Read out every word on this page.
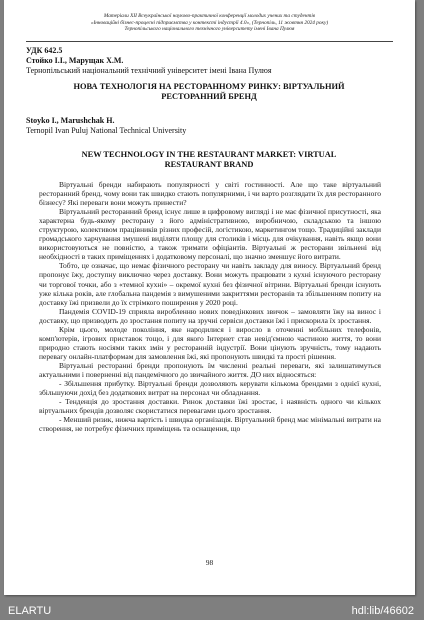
Матеріали XII Всеукраїнської науково-практичної конференції молодих учених та студентів
«Інноваційні бізнес-процесні підприємства у контексті індустрії 4.0», (Тернопіль, 11 жовтня 2024 року)
Тернопільського національного технічного університету імені Івана Пулюя
УДК 642.5
Стойко І.І., Марущак Х.М.
Тернопільський національний технічний університет імені Івана Пулюя
НОВА ТЕХНОЛОГІЯ НА РЕСТОРАННОМУ РИНКУ: ВІРТУАЛЬНИЙ
РЕСТОРАННИЙ БРЕНД
Stoyko I., Marushchak H.
Ternopil Ivan Puluj National Technical University
NEW TECHNOLOGY IN THE RESTAURANT MARKET: VIRTUAL
RESTAURANT BRAND

Віртуальні бренди набирають популярності у світі гостинності. Але що таке віртуальний ресторанний бренд, чому вони так швидко стають популярними, і чи варто розглядати їх для ресторанного бізнесу? Які переваги вони можуть принести?

Віртуальний ресторанний бренд існує лише в цифровому вигляді і не має фізичної присутності, яка характерна будь-якому ресторану з його адміністративною, виробничою, складською та іншою структурою, колективом працівників різних професій, логістикою, маркетингом тощо. Традиційні заклади громадського харчування змушені виділяти площу для столиків і місць для очікування, навіть якщо вони використовуються не повністю, а також тримати офіціантів. Віртуальні ж ресторани звільнені від необхідності в таких приміщеннях і додатковому персоналі, що значно зменшує його витрати.

Тобто, це означає, що немає фізичного ресторану чи навіть закладу для виносу. Віртуальний бренд пропонує їжу, доступну виключно через доставку. Вони можуть працювати з кухні існуючого ресторану чи торгової точки, або з «темної кухні» – окремої кухні без фізичної вітрини. Віртуальні бренди існують уже кілька років, але глобальна пандемія з вимушеними закриттями ресторанів та збільшенням попиту на доставку їжі призвели до їх стрімкого поширення у 2020 році.

Пандемія COVID-19 сприяла виробленню нових поведінкових звичок – замовляти їжу на винос і доставку, що призводить до зростання попиту на зручні сервіси доставки їжі і прискорила їх зростання.

Крім цього, молоде покоління, яке народилися і виросло в оточенні мобільних телефонів, комп'ютерів, ігрових приставок тощо, і для якого Інтернет став невід'ємною частиною життя, то вони природно стають носіями таких змін у ресторанній індустрії. Вони цінують зручність, тому надають перевагу онлайн-платформам для замовлення їжі, які пропонують швидкі та прості рішення.

Віртуальні ресторанні бренди пропонують їм численні реальні переваги, які залишатимуться актуальними і поверненні від пандемічного до звичайного життя. ДО них відносяться:

- Збільшення прибутку. Віртуальні бренди дозволяють керувати кількома брендами з однієї кухні, збільшуючи дохід без додаткових витрат на персонал чи обладнання.

- Тенденція до зростання доставки. Ринок доставки їжі зростає, і наявність одного чи кількох віртуальних брендів дозволяє скористатися перевагами цього зростання.

- Менший ризик, нижча вартість і швидка організація. Віртуальний бренд має мінімальні витрати на створення, не потребує фізичних приміщень та оснащення, що

98
ELARTU	hdl:lib/46602
